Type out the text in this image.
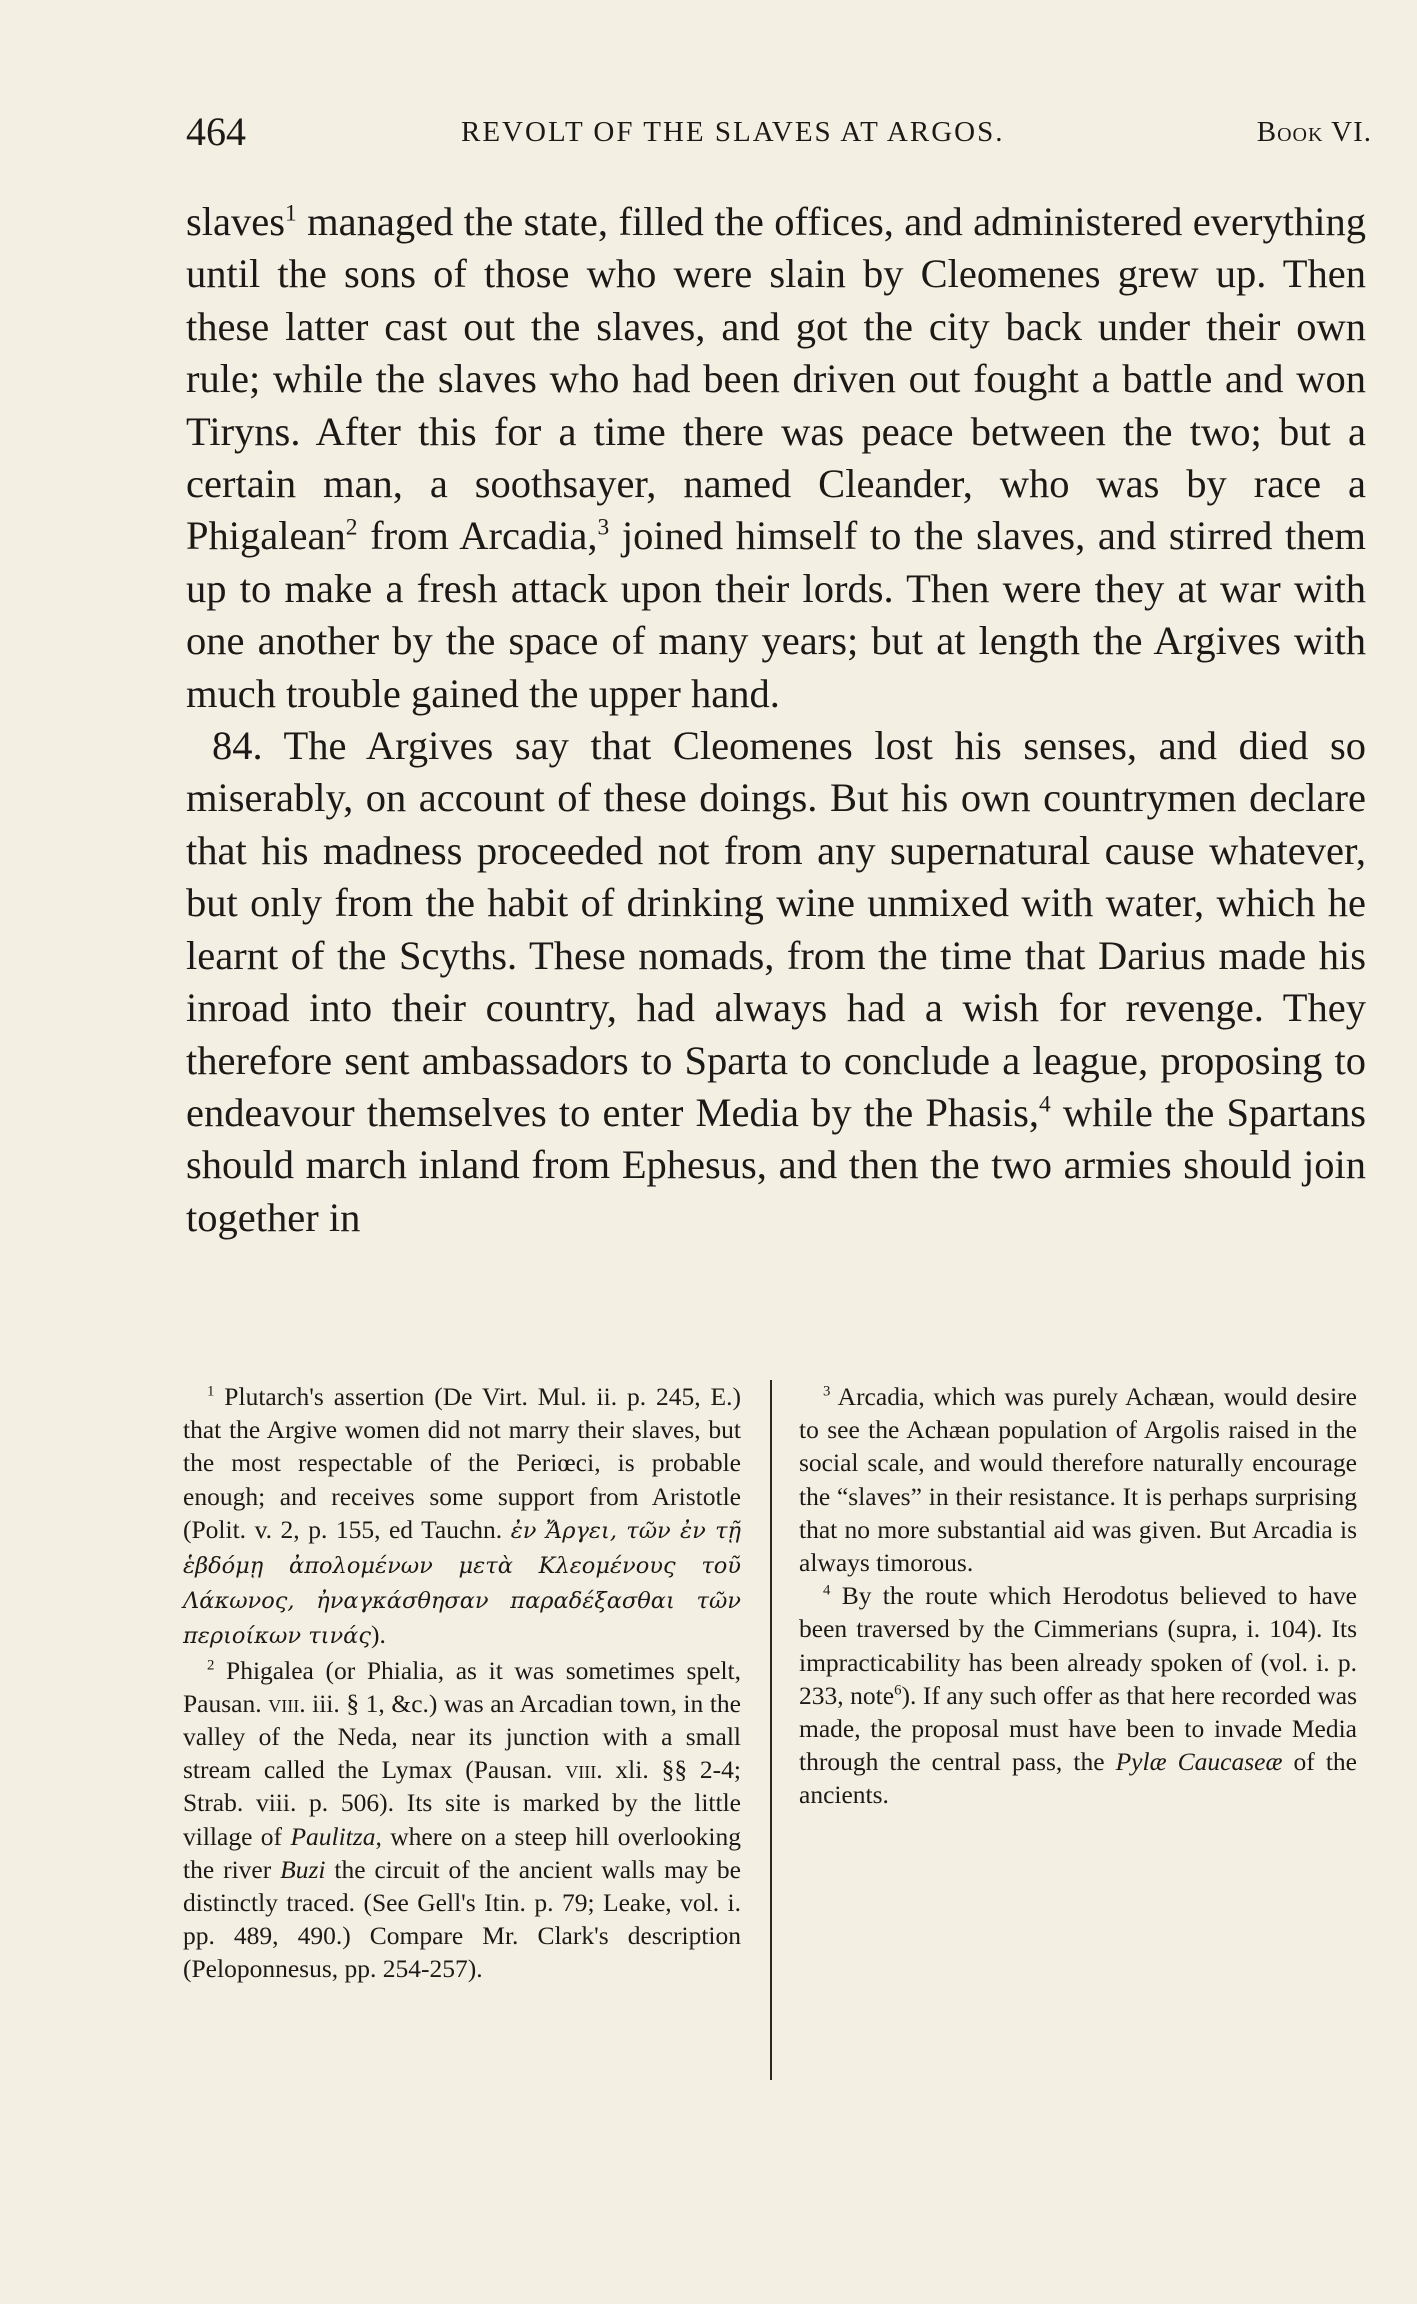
464	REVOLT OF THE SLAVES AT ARGOS.	Book VI.

slaves$^1$ managed the state, filled the offices, and administered everything until the sons of those who were slain by Cleomenes grew up. Then these latter cast out the slaves, and got the city back under their own rule; while the slaves who had been driven out fought a battle and won Tiryns. After this for a time there was peace between the two; but a certain man, a soothsayer, named Cleander, who was by race a Phigalean$^2$ from Arcadia,$^3$ joined himself to the slaves, and stirred them up to make a fresh attack upon their lords. Then were they at war with one another by the space of many years; but at length the Argives with much trouble gained the upper hand.

84. The Argives say that Cleomenes lost his senses, and died so miserably, on account of these doings. But his own countrymen declare that his madness proceeded not from any supernatural cause whatever, but only from the habit of drinking wine unmixed with water, which he learnt of the Scyths. These nomads, from the time that Darius made his inroad into their country, had always had a wish for revenge. They therefore sent ambassadors to Sparta to conclude a league, proposing to endeavour themselves to enter Media by the Phasis,$^4$ while the Spartans should march inland from Ephesus, and then the two armies should join together in

$^1$ Plutarch's assertion (De Virt. Mul. ii. p. 245, E.) that the Argive women did not marry their slaves, but the most respectable of the Periœci, is probable enough; and receives some support from Aristotle (Polit. v. 2, p. 155, ed Tauchn. ἐν Ἄργει, τῶν ἐν τῇ ἑβδόμῃ ἀπολομένων μετὰ Κλεομένους τοῦ Λάκωνος, ἠναγκάσθησαν παραδέξασθαι τῶν περιοίκων τινάς).

$^2$ Phigalea (or Phialia, as it was sometimes spelt, Pausan. viii. iii. § 1, &c.) was an Arcadian town, in the valley of the Neda, near its junction with a small stream called the Lymax (Pausan. viii. xli. §§ 2-4; Strab. viii. p. 506). Its site is marked by the little village of Paulitza, where on a steep hill overlooking the river Buzi the circuit of the ancient walls may be distinctly traced. (See Gell's Itin. p. 79; Leake, vol. i. pp. 489, 490.) Compare Mr. Clark's description (Peloponnesus, pp. 254-257).

$^3$ Arcadia, which was purely Achæan, would desire to see the Achæan population of Argolis raised in the social scale, and would therefore naturally encourage the “slaves” in their resistance. It is perhaps surprising that no more substantial aid was given. But Arcadia is always timorous.

$^4$ By the route which Herodotus believed to have been traversed by the Cimmerians (supra, i. 104). Its impracticability has been already spoken of (vol. i. p. 233, note$^6$). If any such offer as that here recorded was made, the proposal must have been to invade Media through the central pass, the Pylæ Caucaseæ of the ancients.
